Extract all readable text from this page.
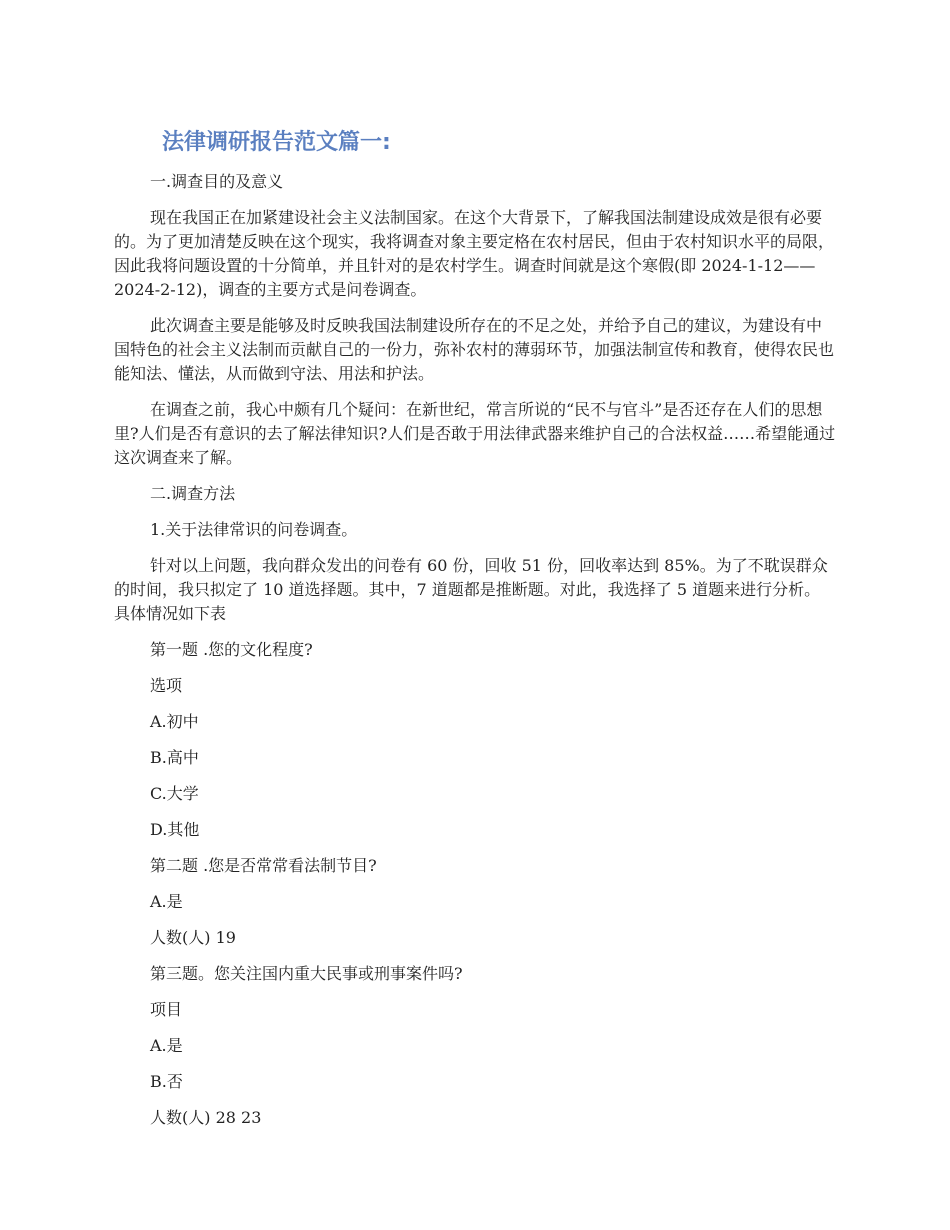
法律调研报告范文篇一:

一.调查目的及意义

现在我国正在加紧建设社会主义法制国家。在这个大背景下，了解我国法制建设成效是很有必要的。为了更加清楚反映在这个现实，我将调查对象主要定格在农村居民，但由于农村知识水平的局限，因此我将问题设置的十分简单，并且针对的是农村学生。调查时间就是这个寒假(即 2024-1-12——2024-2-12)，调查的主要方式是问卷调查。

此次调查主要是能够及时反映我国法制建设所存在的不足之处，并给予自己的建议，为建设有中国特色的社会主义法制而贡献自己的一份力，弥补农村的薄弱环节，加强法制宣传和教育，使得农民也能知法、懂法，从而做到守法、用法和护法。

在调查之前，我心中颇有几个疑问：在新世纪，常言所说的“民不与官斗”是否还存在人们的思想里?人们是否有意识的去了解法律知识?人们是否敢于用法律武器来维护自己的合法权益……希望能通过这次调查来了解。

二.调查方法

1.关于法律常识的问卷调查。

针对以上问题，我向群众发出的问卷有 60 份，回收 51 份，回收率达到 85%。为了不耽误群众的时间，我只拟定了 10 道选择题。其中，7 道题都是推断题。对此，我选择了 5 道题来进行分析。具体情况如下表

第一题 .您的文化程度?

选项

A.初中

B.高中

C.大学

D.其他

第二题 .您是否常常看法制节目?

A.是

人数(人) 19

第三题。您关注国内重大民事或刑事案件吗?

项目

A.是

B.否

人数(人) 28 23
